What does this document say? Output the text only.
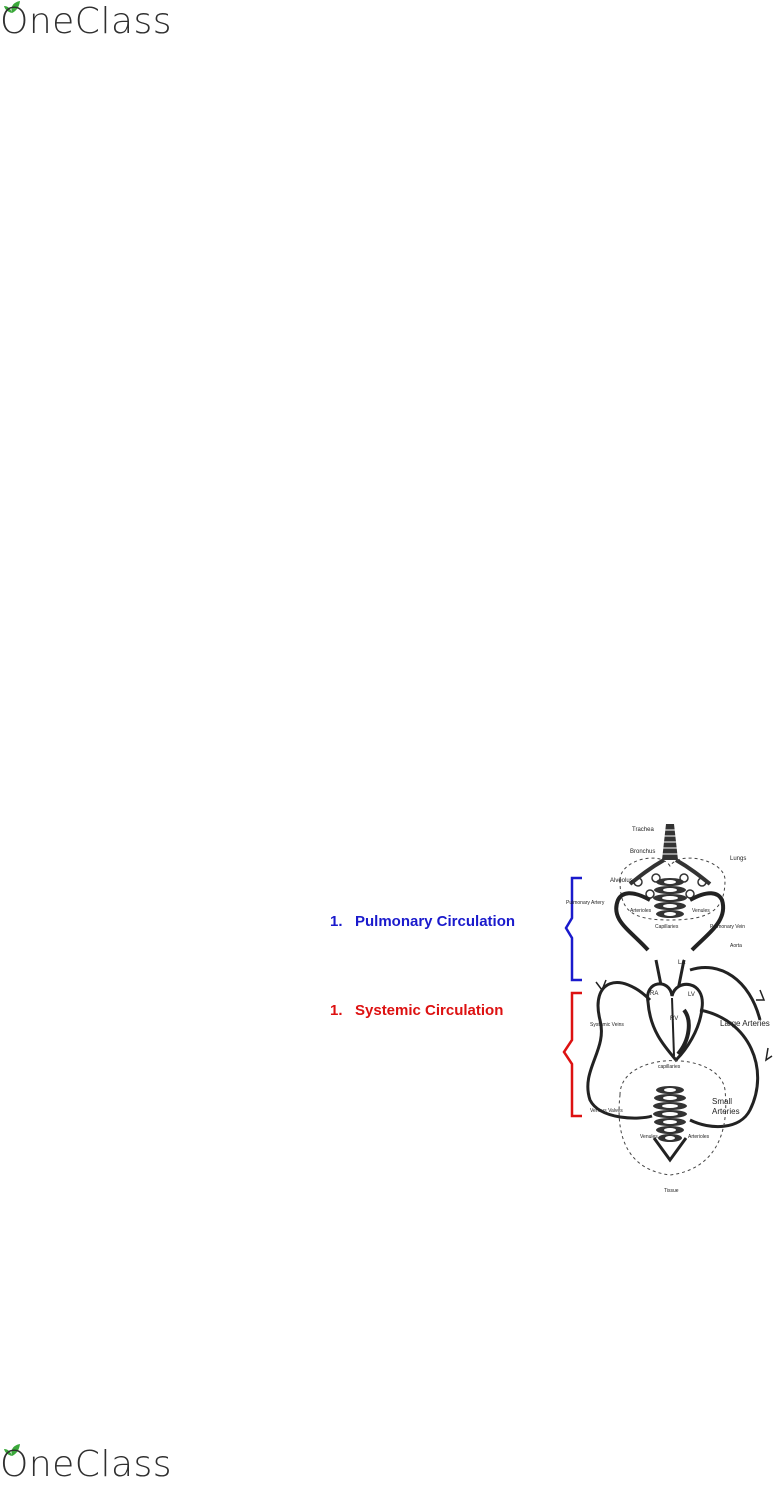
OneClass
1. Pulmonary Circulation
1. Systemic Circulation
Trachea
Bronchus
Lungs
Alveolus
Pulmonary Artery
Arterioles	Venules
Capillaries	Pulmonary Vein
Aorta
LA
RA
RV
LV
Systemic Veins	Large Arteries
capillaries
Small
Arteries
Venous Valves
Venules	Arterioles
Tissue
OneClass
